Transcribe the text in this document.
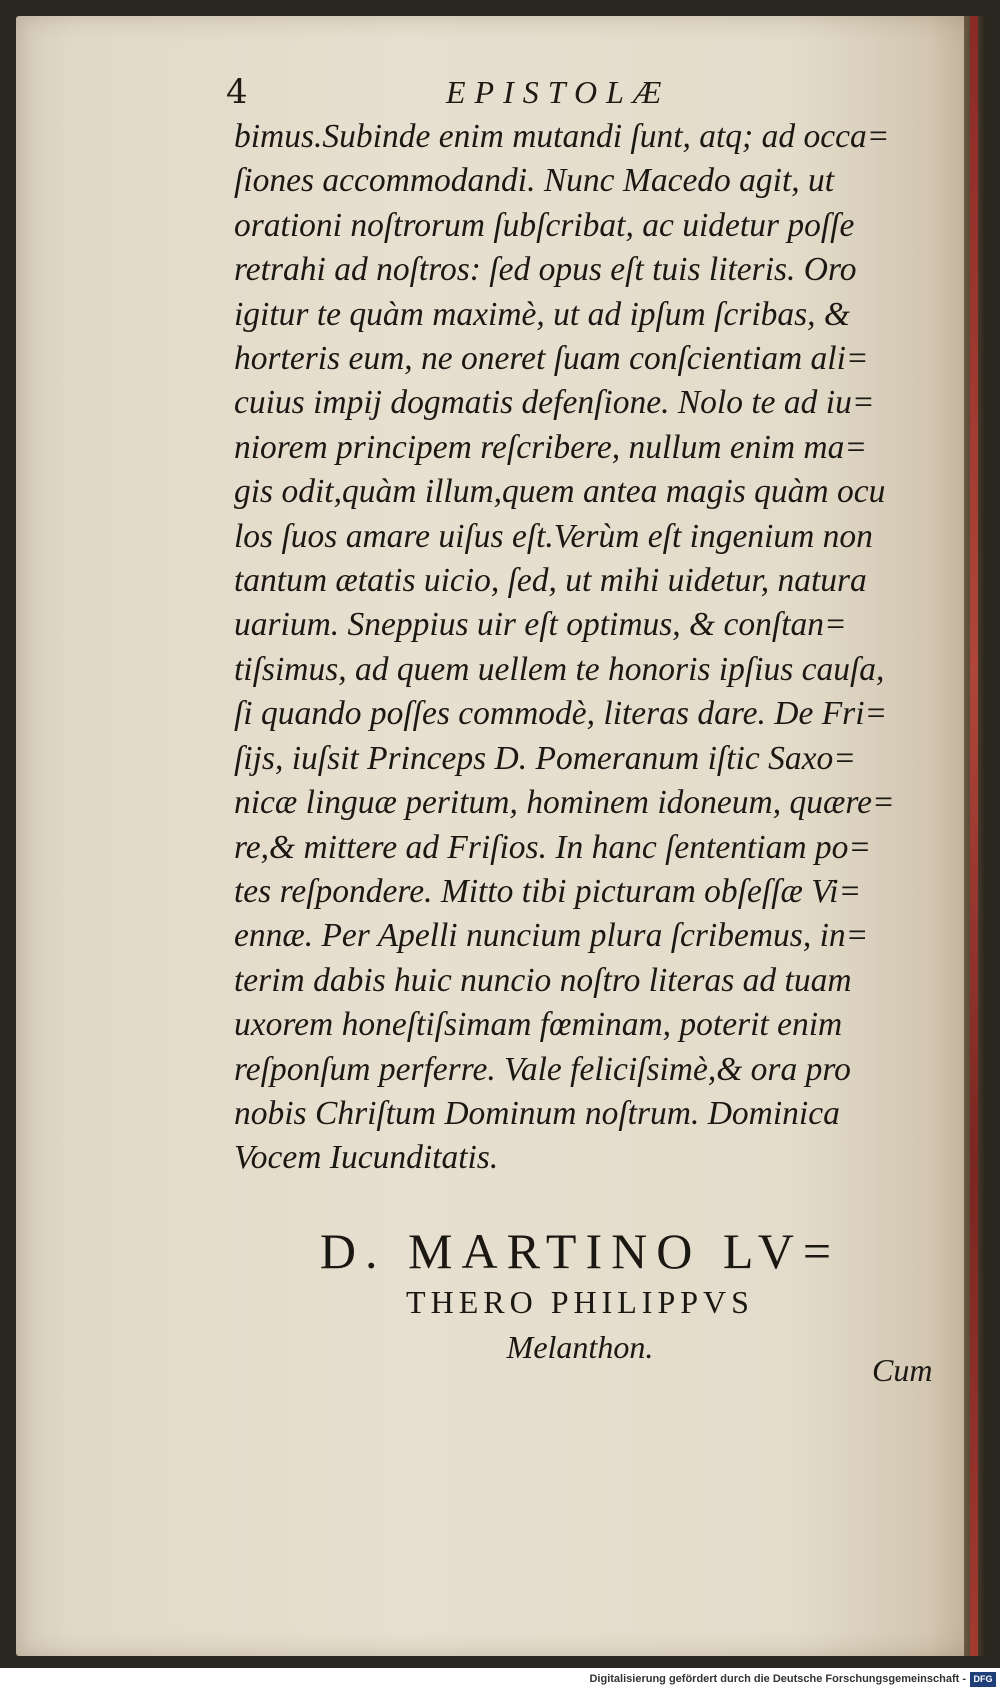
4	EPISTOLÆ
bimus.Subinde enim mutandi ſunt, atq; ad occa=
ſiones accommodandi. Nunc Macedo agit, ut
orationi noſtrorum ſubſcribat, ac uidetur poſſe
retrahi ad noſtros: ſed opus eſt tuis literis. Oro
igitur te quàm maximè, ut ad ipſum ſcribas, &
horteris eum, ne oneret ſuam conſcientiam ali=
cuius impij dogmatis defenſione. Nolo te ad iu=
niorem principem reſcribere, nullum enim ma=
gis odit,quàm illum,quem antea magis quàm ocu
los ſuos amare uiſus eſt.Verùm eſt ingenium non
tantum ætatis uicio, ſed, ut mihi uidetur, natura
uarium. Sneppius uir eſt optimus, & conſtan=
tiſsimus, ad quem uellem te honoris ipſius cauſa,
ſi quando poſſes commodè, literas dare. De Fri=
ſijs, iuſsit Princeps D. Pomeranum iſtic Saxo=
nicæ linguæ peritum, hominem idoneum, quære=
re,& mittere ad Friſios. In hanc ſententiam po=
tes reſpondere. Mitto tibi picturam obſeſſæ Vi=
ennæ. Per Apelli nuncium plura ſcribemus, in=
terim dabis huic nuncio noſtro literas ad tuam
uxorem honeſtiſsimam fœminam, poterit enim
reſponſum perferre. Vale feliciſsimè,& ora pro
nobis Chriſtum Dominum noſtrum. Dominica
Vocem Iucunditatis.
D. MARTINO LV=
THERO PHILIPPVS
Melanthon.
Cum
Digitalisierung gefördert durch die Deutsche Forschungsgemeinschaft - DFG
